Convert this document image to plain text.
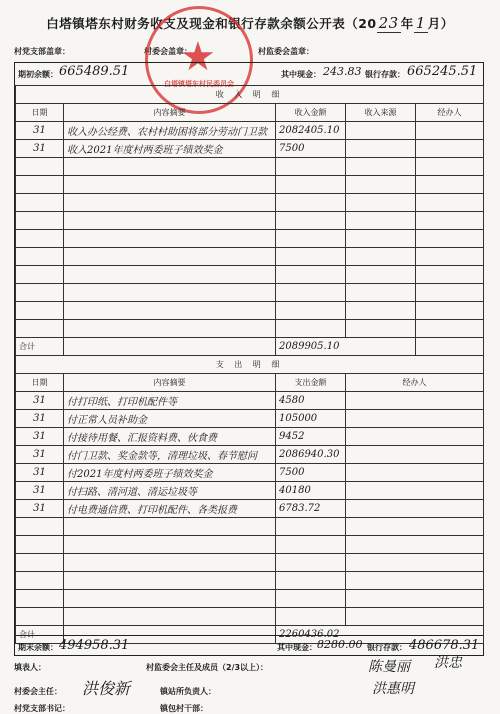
白塔镇塔东村财务收支及现金和银行存款余额公开表（20 23 年 1 月）
村党支部盖章：	村委会盖章：	村监委会盖章：
★
白塔镇塔东村民委员会
期初余额： 665489.51	其中现金： 243.83 银行存款： 665245.51
收 入 明 细				
日期	内容摘要	收入金额	收入来源	经办人
31	收入办公经费、农村村助困将部分劳动门卫款	2082405.10		
31	收入2021年度村两委班子绩效奖金	7500		

合计		2089905.10		
支 出 明 细			
日期	内容摘要	支出金额	经办人
31	付打印纸、打印机配件等	4580	
31	付正常人员补助金	105000	
31	付接待用餐、汇报资料费、伙食费	9452	
31	付门卫款、奖金款等，清理垃圾、春节慰问	2086940.30	
31	付2021年度村两委班子绩效奖金	7500	
31	付扫路、清河道、清运垃圾等	40180	
31	付电费通信费、打印机配件、各类报费	6783.72	

合计		2260436.02	
期末余额： 494958.31	其中现金： 8280.00 银行存款： 486678.31
填表人：	村监委会主任及成员（2/3以上）：
村委会主任：	镇站所负责人：
村党支部书记：	镇包村干部：
洪俊新
陈曼丽 洪忠
洪惠明
